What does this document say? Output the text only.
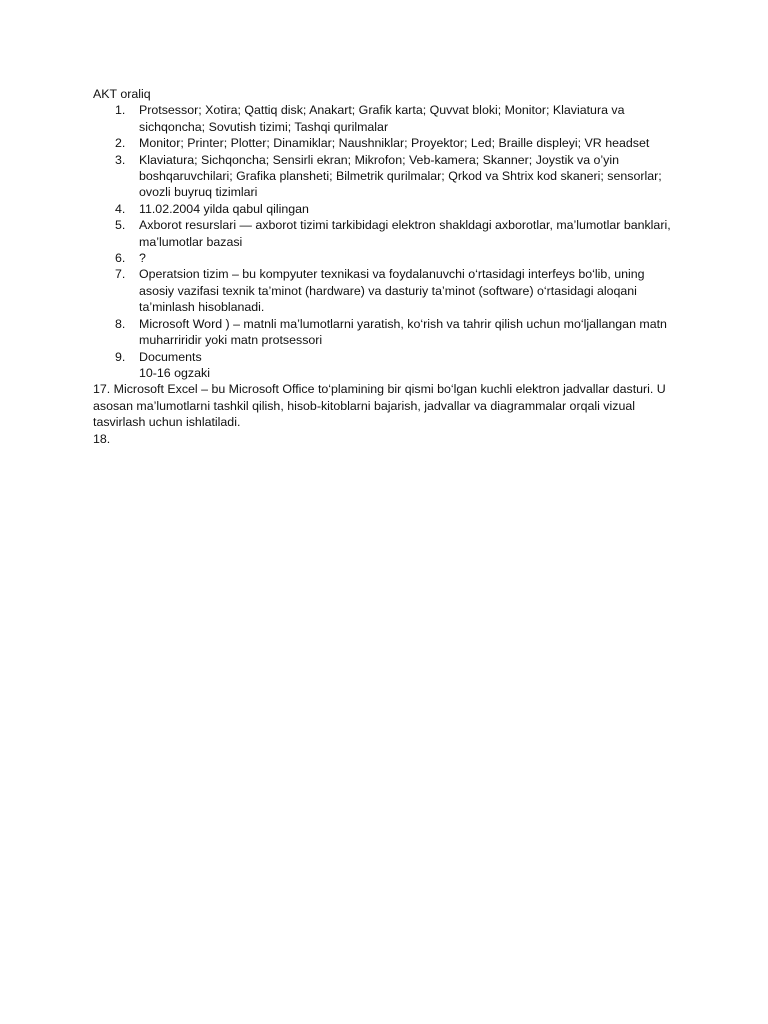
AKT oraliq

1. Protsessor; Xotira; Qattiq disk; Anakart; Grafik karta; Quvvat bloki; Monitor; Klaviatura va sichqoncha; Sovutish tizimi; Tashqi qurilmalar
2. Monitor; Printer; Plotter; Dinamiklar; Naushniklar; Proyektor; Led; Braille displeyi; VR headset
3. Klaviatura; Sichqoncha; Sensirli ekran; Mikrofon; Veb-kamera; Skanner; Joystik va o’yin boshqaruvchilari; Grafika plansheti; Bilmetrik qurilmalar; Qrkod va Shtrix kod skaneri; sensorlar; ovozli buyruq tizimlari
4. 11.02.2004 yilda qabul qilingan
5. Axborot resurslari — axborot tizimi tarkibidagi elektron shakldagi axborotlar, ma’lumotlar banklari, ma’lumotlar bazasi
6. ?
7. Operatsion tizim – bu kompyuter texnikasi va foydalanuvchi o‘rtasidagi interfeys bo‘lib, uning asosiy vazifasi texnik ta’minot (hardware) va dasturiy ta’minot (software) o‘rtasidagi aloqani ta’minlash hisoblanadi.
8. Microsoft Word ) – matnli ma’lumotlarni yaratish, ko‘rish va tahrir qilish uchun mo‘ljallangan matn muharriridir yoki matn protsessori
9. Documents
10-16 ogzaki

17. Microsoft Excel – bu Microsoft Office to‘plamining bir qismi bo‘lgan kuchli elektron jadvallar dasturi. U asosan ma’lumotlarni tashkil qilish, hisob-kitoblarni bajarish, jadvallar va diagrammalar orqali vizual tasvirlash uchun ishlatiladi.

18.
